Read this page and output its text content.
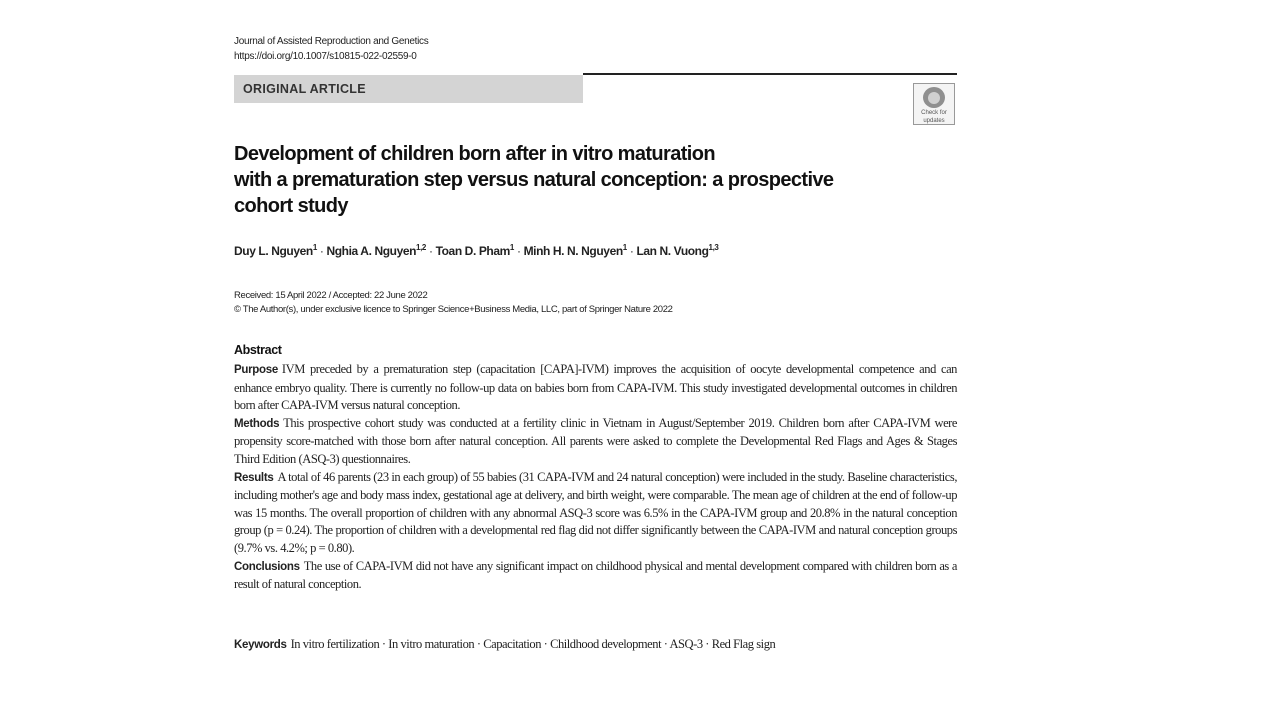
Journal of Assisted Reproduction and Genetics
https://doi.org/10.1007/s10815-022-02559-0
ORIGINAL ARTICLE
Check for
updates
Development of children born after in vitro maturation
with a prematuration step versus natural conception: a prospective
cohort study
Duy L. Nguyen$^1$ · Nghia A. Nguyen$^{1,2}$ · Toan D. Pham$^1$ · Minh H. N. Nguyen$^1$ · Lan N. Vuong$^{1,3}$
Received: 15 April 2022 / Accepted: 22 June 2022
© The Author(s), under exclusive licence to Springer Science+Business Media, LLC, part of Springer Nature 2022
Abstract
Purpose IVM preceded by a prematuration step (capacitation [CAPA]-IVM) improves the acquisition of oocyte developmental competence and can enhance embryo quality. There is currently no follow-up data on babies born from CAPA-IVM. This study investigated developmental outcomes in children born after CAPA-IVM versus natural conception.
Methods This prospective cohort study was conducted at a fertility clinic in Vietnam in August/September 2019. Children born after CAPA-IVM were propensity score-matched with those born after natural conception. All parents were asked to complete the Developmental Red Flags and Ages & Stages Third Edition (ASQ-3) questionnaires.
Results A total of 46 parents (23 in each group) of 55 babies (31 CAPA-IVM and 24 natural conception) were included in the study. Baseline characteristics, including mother's age and body mass index, gestational age at delivery, and birth weight, were comparable. The mean age of children at the end of follow-up was 15 months. The overall proportion of children with any abnormal ASQ-3 score was 6.5% in the CAPA-IVM group and 20.8% in the natural conception group (p = 0.24). The proportion of children with a developmental red flag did not differ significantly between the CAPA-IVM and natural conception groups (9.7% vs. 4.2%; p = 0.80).
Conclusions The use of CAPA-IVM did not have any significant impact on childhood physical and mental development compared with children born as a result of natural conception.
Keywords In vitro fertilization · In vitro maturation · Capacitation · Childhood development · ASQ-3 · Red Flag sign
